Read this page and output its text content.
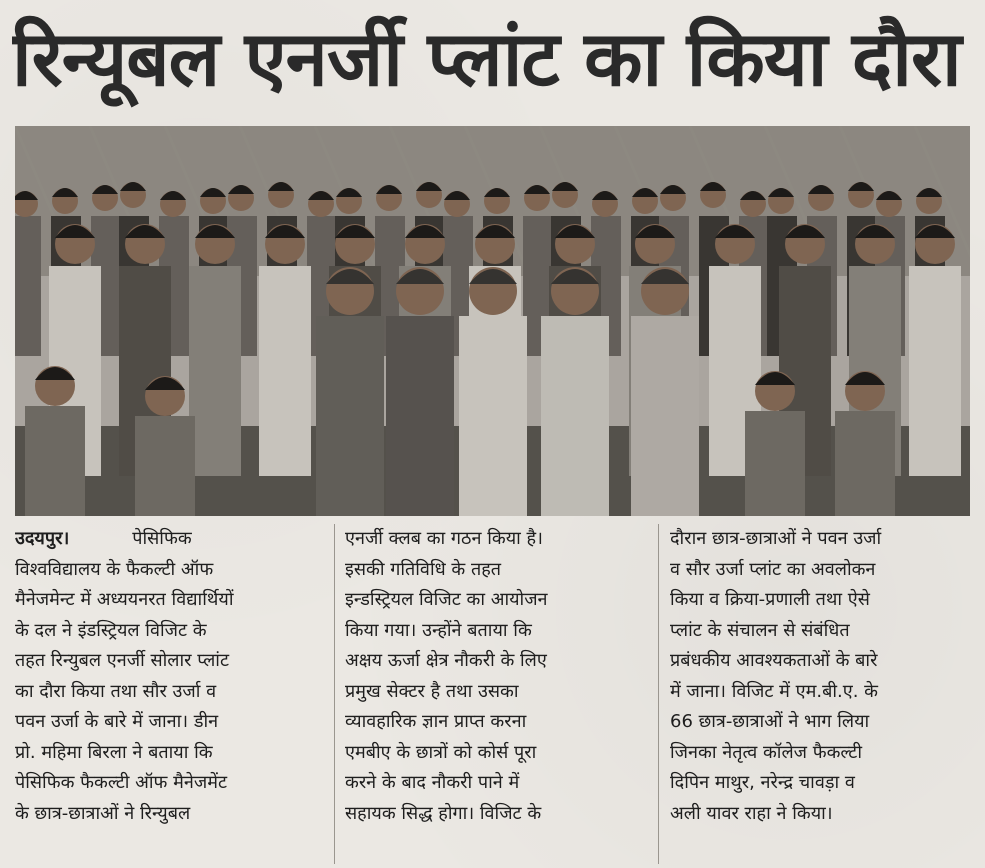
रिन्यूबल एनर्जी प्लांट का किया दौरा
उदयपुर।	पेसिफिक
विश्वविद्यालय के फैकल्टी ऑफ
मैनेजमेन्ट में अध्ययनरत विद्यार्थियों
के दल ने इंडस्ट्रियल विजिट के
तहत रिन्युबल एनर्जी सोलार प्लांट
का दौरा किया तथा सौर उर्जा व
पवन उर्जा के बारे में जाना। डीन
प्रो. महिमा बिरला ने बताया कि
पेसिफिक फैकल्टी ऑफ मैनेजमेंट
के छात्र-छात्राओं ने रिन्युबल
एनर्जी क्लब का गठन किया है।
इसकी गतिविधि के तहत
इन्डस्ट्रियल विजिट का आयोजन
किया गया। उन्होंने बताया कि
अक्षय ऊर्जा क्षेत्र नौकरी के लिए
प्रमुख सेक्टर है तथा उसका
व्यावहारिक ज्ञान प्राप्त करना
एमबीए के छात्रों को कोर्स पूरा
करने के बाद नौकरी पाने में
सहायक सिद्ध होगा। विजिट के
दौरान छात्र-छात्राओं ने पवन उर्जा
व सौर उर्जा प्लांट का अवलोकन
किया व क्रिया-प्रणाली तथा ऐसे
प्लांट के संचालन से संबंधित
प्रबंधकीय आवश्यकताओं के बारे
में जाना। विजिट में एम.बी.ए. के
66 छात्र-छात्राओं ने भाग लिया
जिनका नेतृत्व कॉलेज फैकल्टी
दिपिन माथुर, नरेन्द्र चावड़ा व
अली यावर राहा ने किया।
